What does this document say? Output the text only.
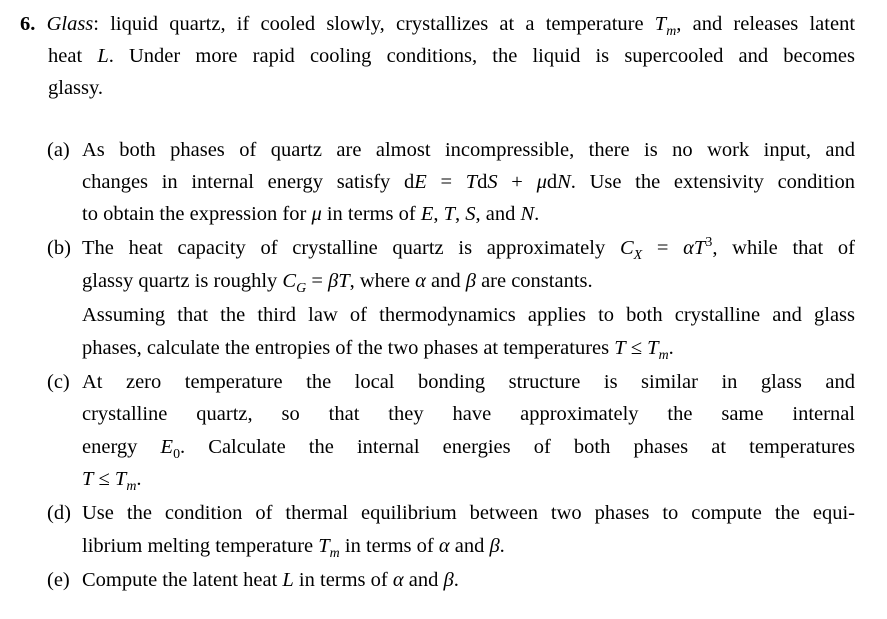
6. Glass: liquid quartz, if cooled slowly, crystallizes at a temperature $T_m$, and releases latent
heat L. Under more rapid cooling conditions, the liquid is supercooled and becomes
glassy.
(a) As both phases of quartz are almost incompressible, there is no work input, and
changes in internal energy satisfy dE = TdS + μdN. Use the extensivity condition
to obtain the expression for μ in terms of E, T, S, and N.
(b) The heat capacity of crystalline quartz is approximately $C_X = \alpha T^3$, while that of
glassy quartz is roughly $C_G = \beta T$, where α and β are constants.
Assuming that the third law of thermodynamics applies to both crystalline and glass
phases, calculate the entropies of the two phases at temperatures $T \le T_m$.
(c) At zero temperature the local bonding structure is similar in glass and
crystalline quartz, so that they have approximately the same internal
energy $E_0$. Calculate the internal energies of both phases at temperatures
$T \le T_m$.
(d) Use the condition of thermal equilibrium between two phases to compute the equi-
librium melting temperature $T_m$ in terms of α and β.
(e) Compute the latent heat L in terms of α and β.
